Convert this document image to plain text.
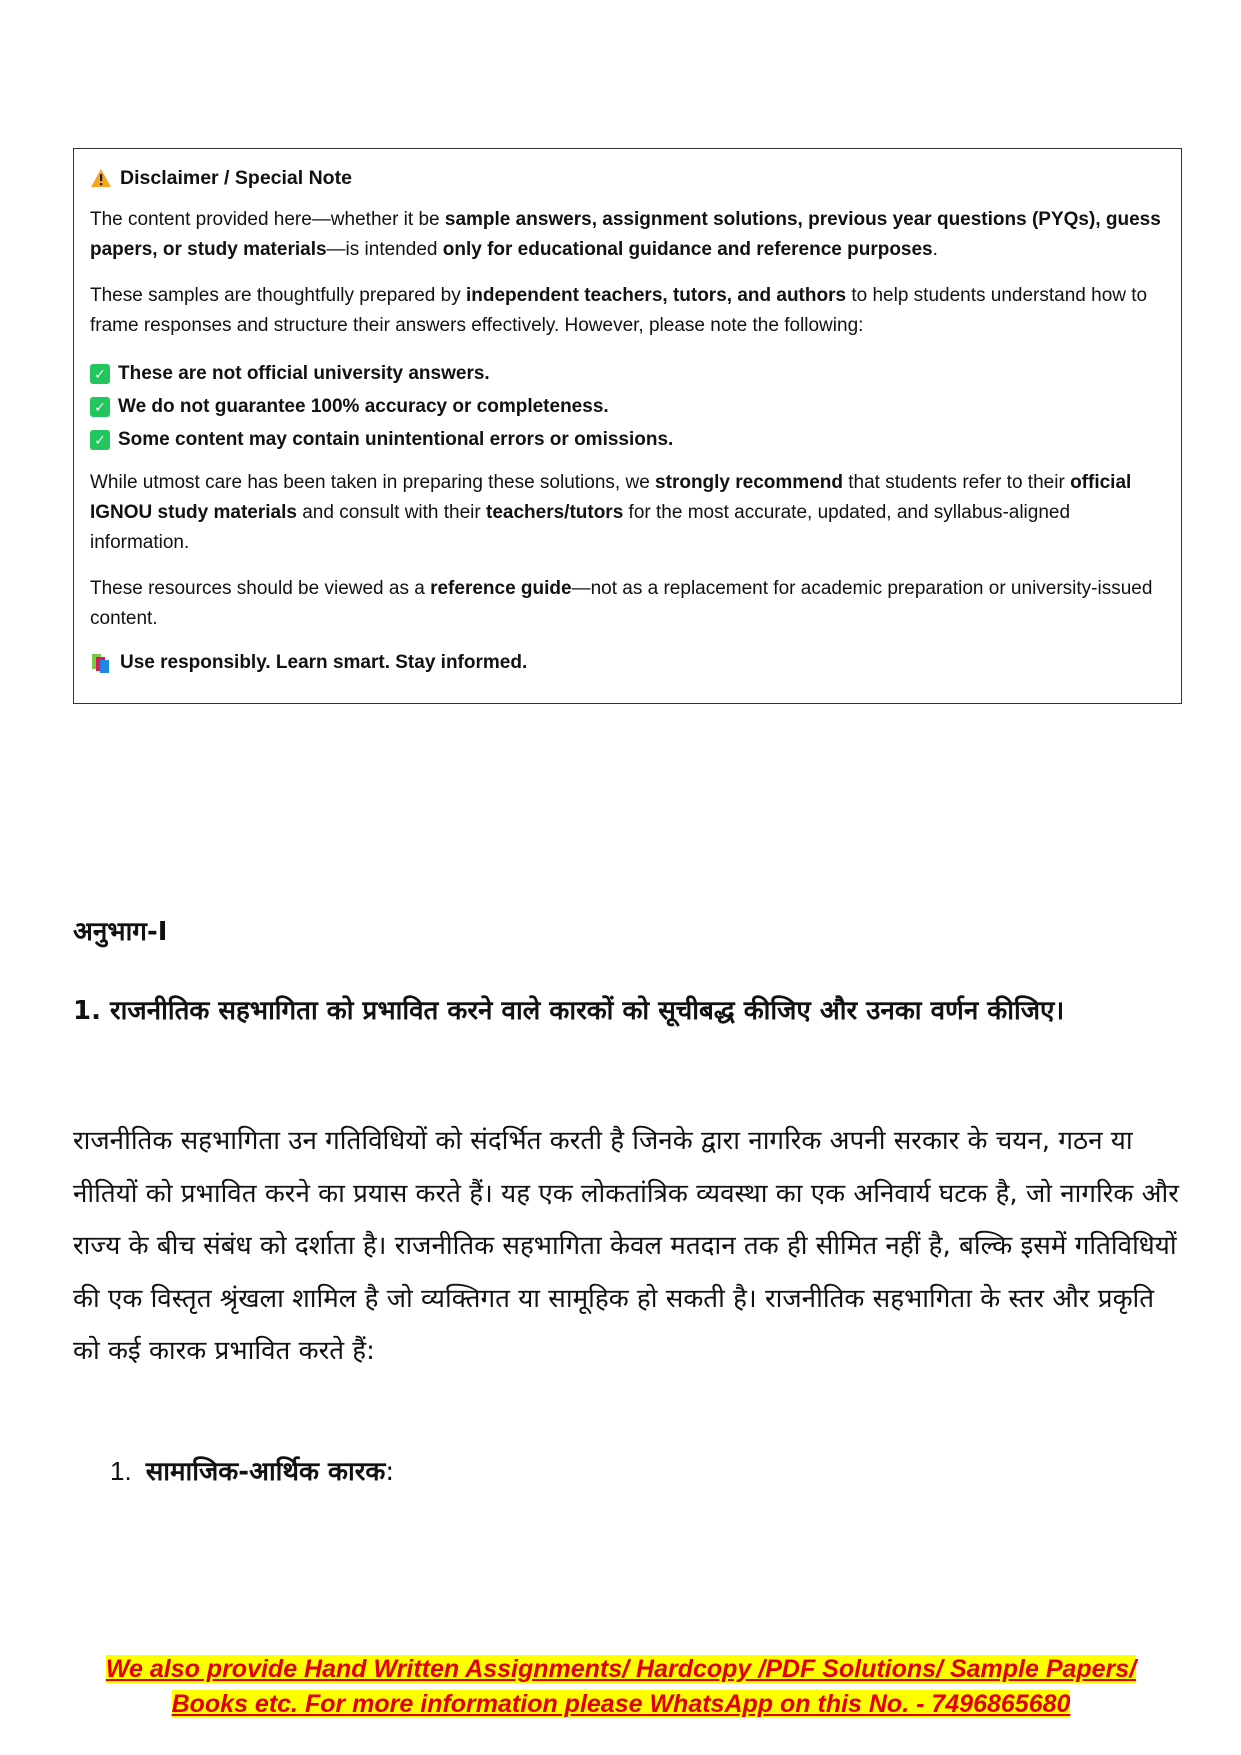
Disclaimer / Special Note

The content provided here—whether it be sample answers, assignment solutions, previous year questions (PYQs), guess papers, or study materials—is intended only for educational guidance and reference purposes.

These samples are thoughtfully prepared by independent teachers, tutors, and authors to help students understand how to frame responses and structure their answers effectively. However, please note the following:

✓ These are not official university answers.
✓ We do not guarantee 100% accuracy or completeness.
✓ Some content may contain unintentional errors or omissions.

While utmost care has been taken in preparing these solutions, we strongly recommend that students refer to their official IGNOU study materials and consult with their teachers/tutors for the most accurate, updated, and syllabus-aligned information.

These resources should be viewed as a reference guide—not as a replacement for academic preparation or university-issued content.

Use responsibly. Learn smart. Stay informed.
अनुभाग-I
1. राजनीतिक सहभागिता को प्रभावित करने वाले कारकों को सूचीबद्ध कीजिए और उनका वर्णन कीजिए।
राजनीतिक सहभागिता उन गतिविधियों को संदर्भित करती है जिनके द्वारा नागरिक अपनी सरकार के चयन, गठन या नीतियों को प्रभावित करने का प्रयास करते हैं। यह एक लोकतांत्रिक व्यवस्था का एक अनिवार्य घटक है, जो नागरिक और राज्य के बीच संबंध को दर्शाता है। राजनीतिक सहभागिता केवल मतदान तक ही सीमित नहीं है, बल्कि इसमें गतिविधियों की एक विस्तृत श्रृंखला शामिल है जो व्यक्तिगत या सामूहिक हो सकती है। राजनीतिक सहभागिता के स्तर और प्रकृति को कई कारक प्रभावित करते हैं:
1. सामाजिक-आर्थिक कारक:
We also provide Hand Written Assignments/ Hardcopy /PDF Solutions/ Sample Papers/
Books etc. For more information please WhatsApp on this No. - 7496865680
